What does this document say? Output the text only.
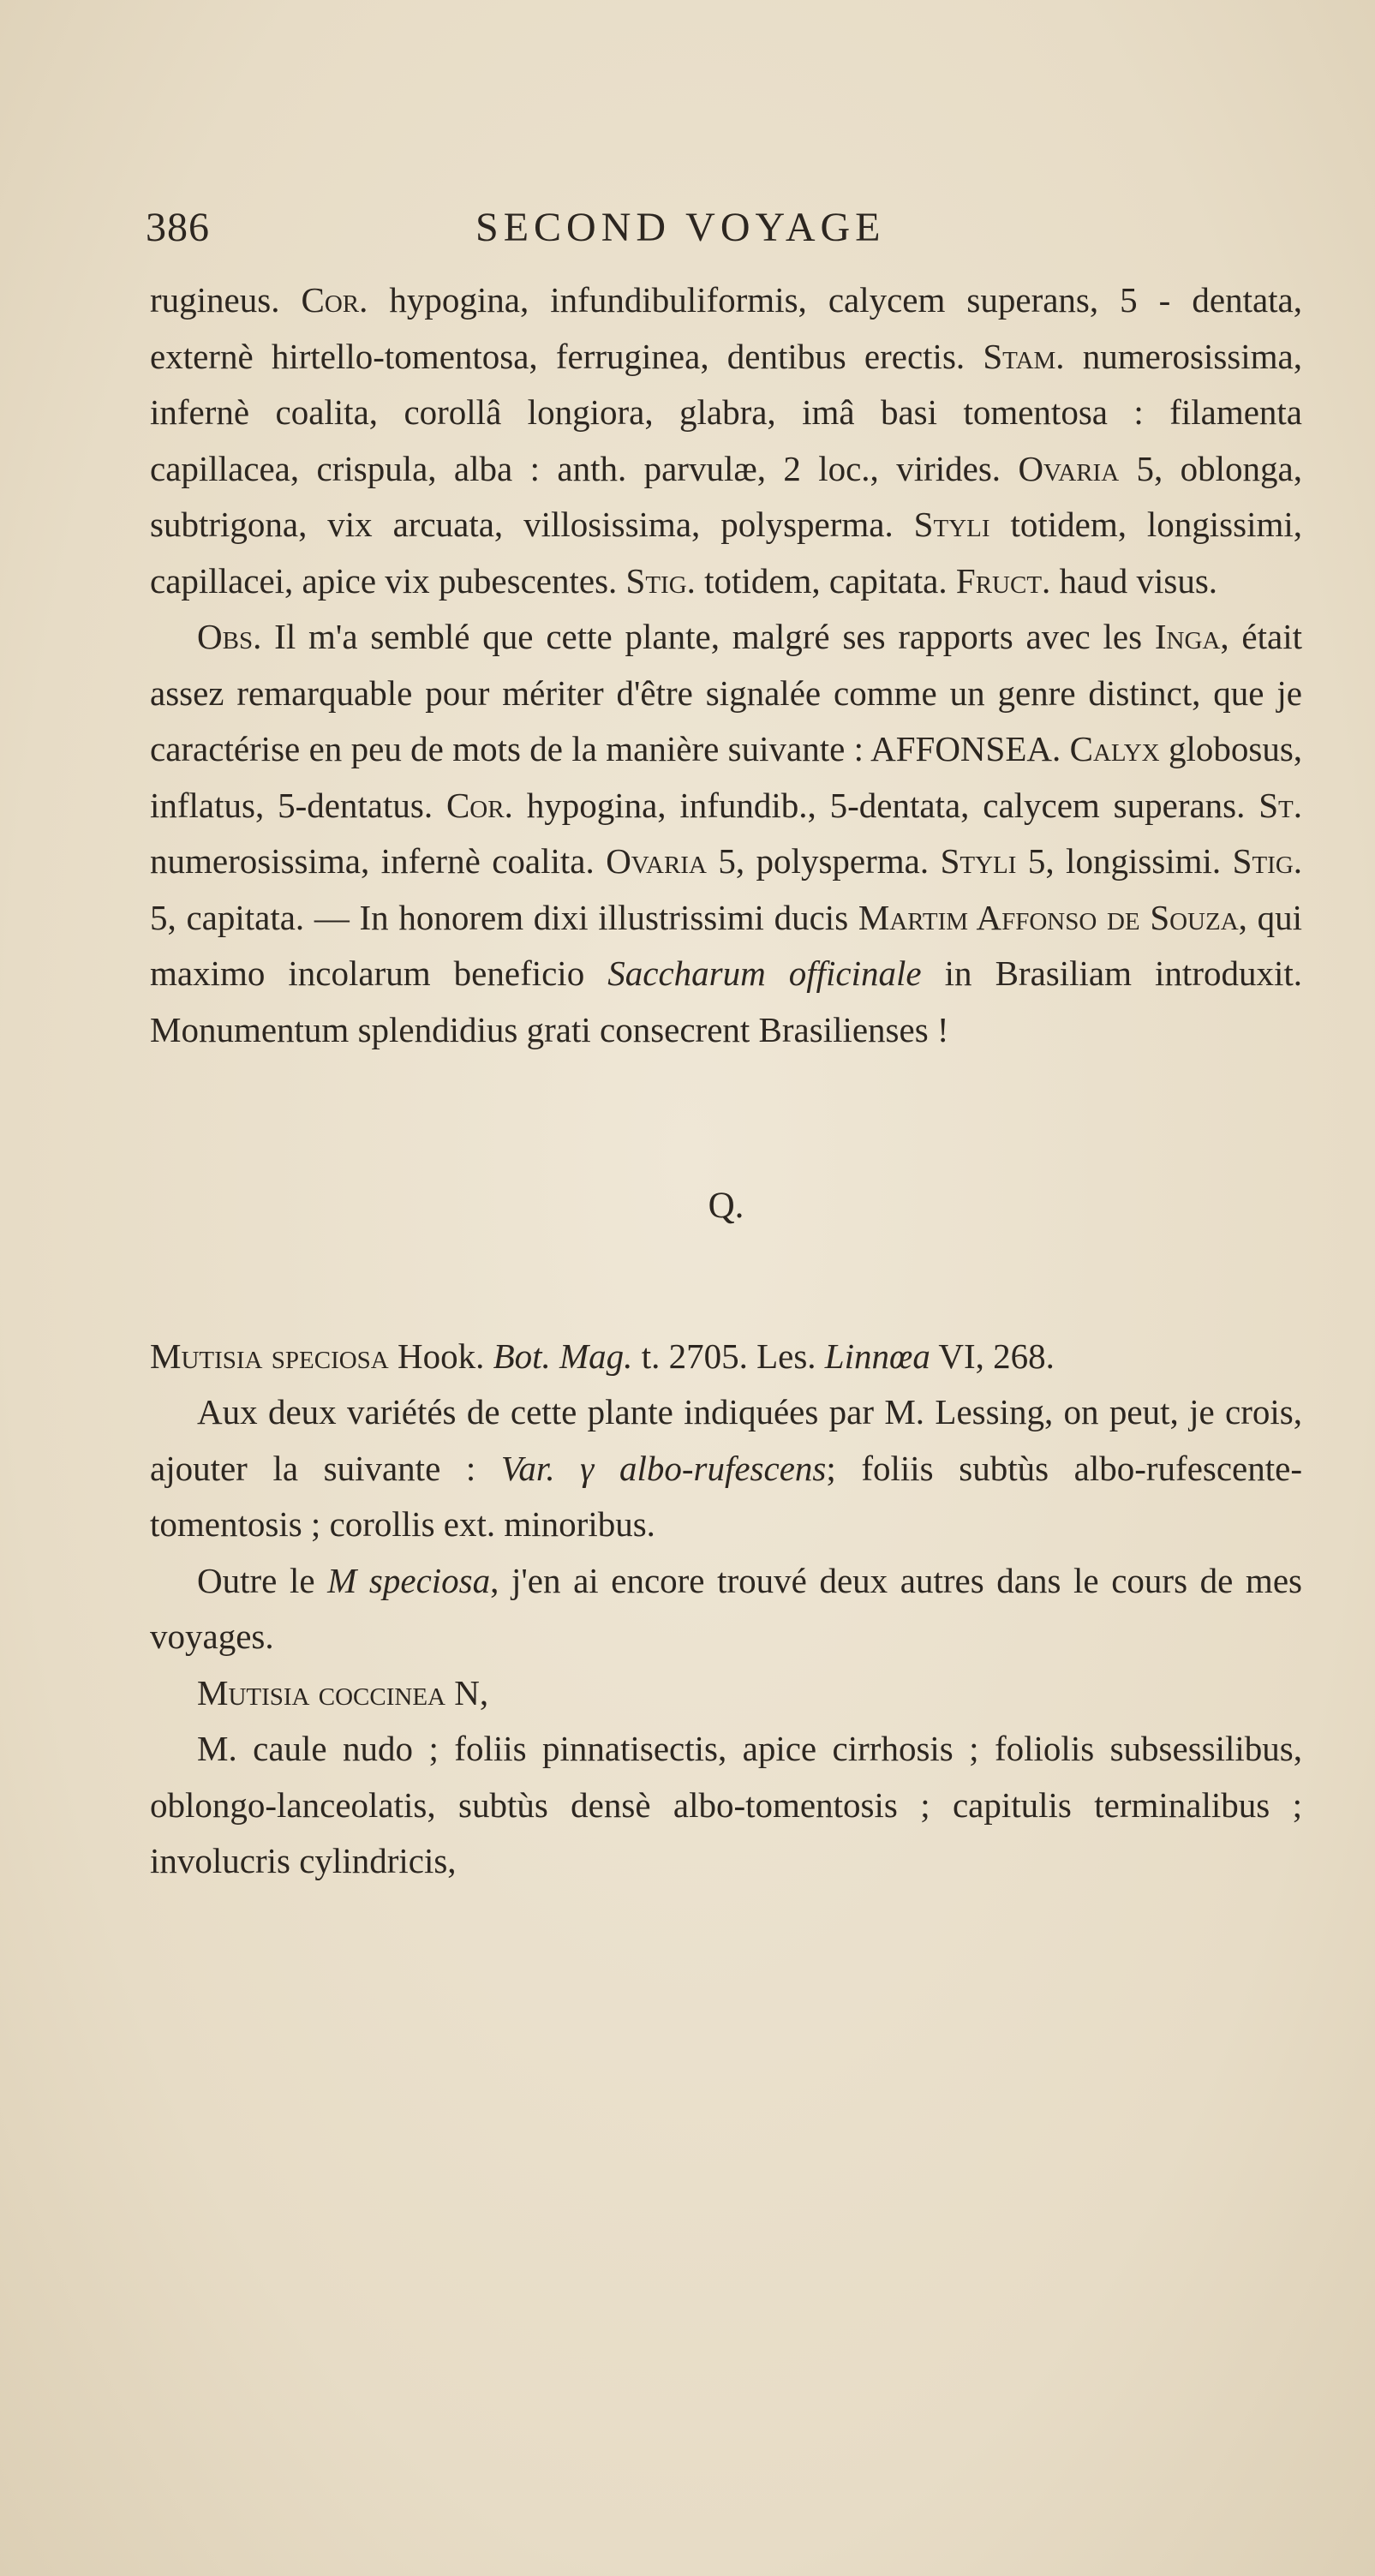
386	SECOND VOYAGE

rugineus. Cor. hypogina, infundibuliformis, calycem superans, 5 - dentata, externè hirtello-tomentosa, ferruginea, dentibus erectis. Stam. numerosissima, infernè coalita, corollâ longiora, glabra, imâ basi tomentosa : filamenta capillacea, crispula, alba : anth. parvulæ, 2 loc., virides. Ovaria 5, oblonga, subtrigona, vix arcuata, villosissima, polysperma. Styli totidem, longissimi, capillacei, apice vix pubescentes. Stig. totidem, capitata. Fruct. haud visus.

Obs. Il m'a semblé que cette plante, malgré ses rapports avec les Inga, était assez remarquable pour mériter d'être signalée comme un genre distinct, que je caractérise en peu de mots de la manière suivante : AFFONSEA. Calyx globosus, inflatus, 5-dentatus. Cor. hypogina, infundib., 5-dentata, calycem superans. St. numerosissima, infernè coalita. Ovaria 5, polysperma. Styli 5, longissimi. Stig. 5, capitata. — In honorem dixi illustrissimi ducis Martim Affonso de Souza, qui maximo incolarum beneficio Saccharum officinale in Brasiliam introduxit. Monumentum splendidius grati consecrent Brasilienses !

Q.

Mutisia speciosa Hook. Bot. Mag. t. 2705. Les. Linnœa VI, 268.

Aux deux variétés de cette plante indiquées par M. Lessing, on peut, je crois, ajouter la suivante : Var. γ albo-rufescens; foliis subtùs albo-rufescente-tomentosis ; corollis ext. minoribus.

Outre le M speciosa, j'en ai encore trouvé deux autres dans le cours de mes voyages.

Mutisia coccinea N,

M. caule nudo ; foliis pinnatisectis, apice cirrhosis ; foliolis subsessilibus, oblongo-lanceolatis, subtùs densè albo-tomentosis ; capitulis terminalibus ; involucris cylindricis,
